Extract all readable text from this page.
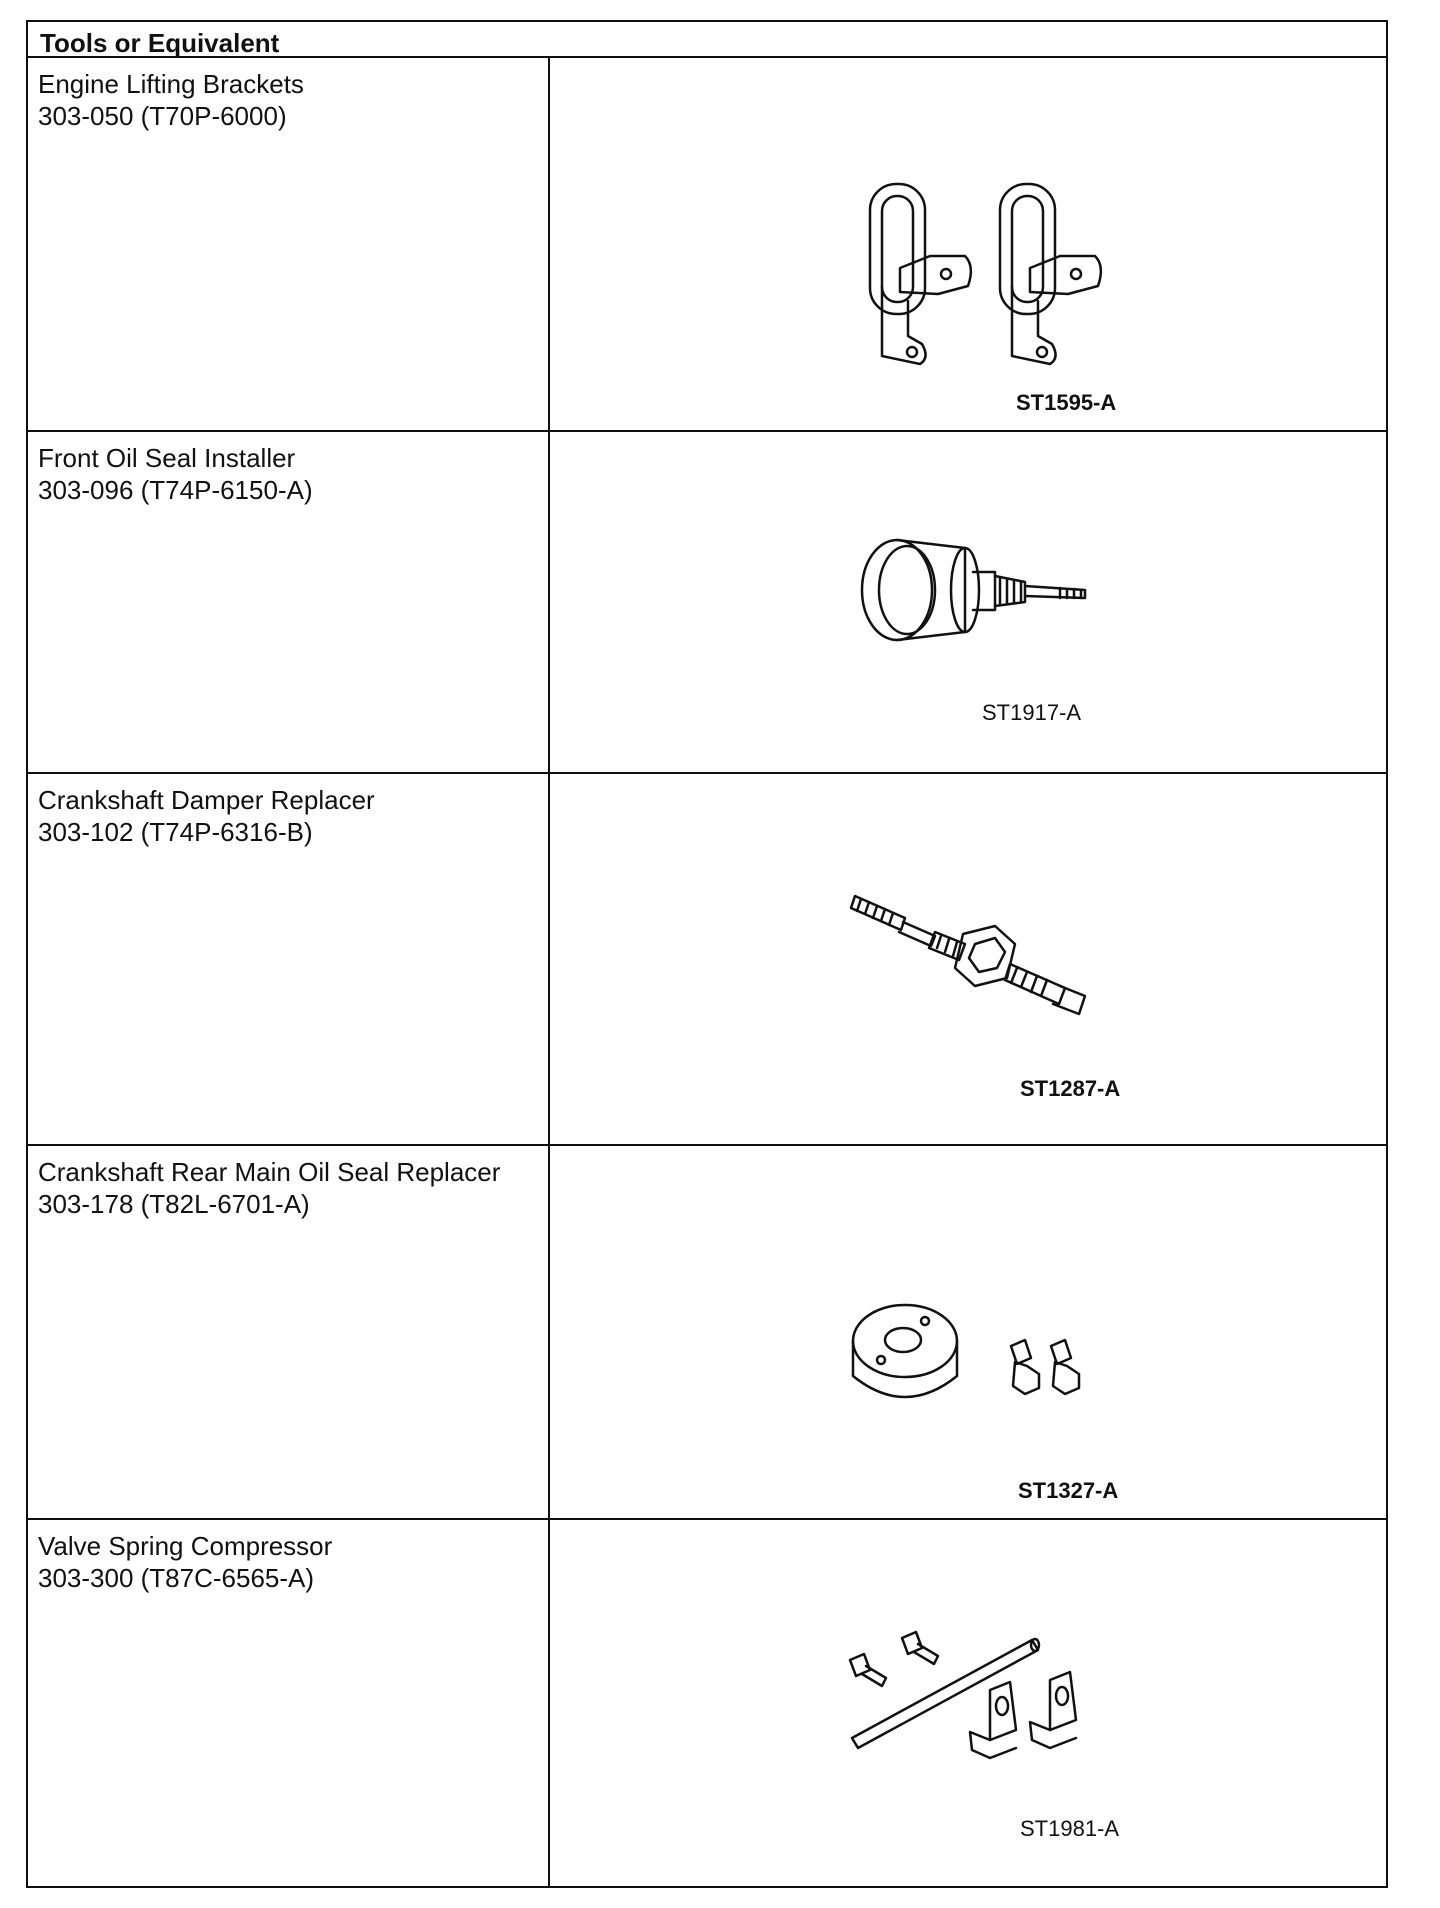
Tools or Equivalent
Engine Lifting Brackets
303-050 (T70P-6000)
ST1595-A
Front Oil Seal Installer
303-096 (T74P-6150-A)
ST1917-A
Crankshaft Damper Replacer
303-102 (T74P-6316-B)
ST1287-A
Crankshaft Rear Main Oil Seal Replacer
303-178 (T82L-6701-A)
ST1327-A
Valve Spring Compressor
303-300 (T87C-6565-A)
ST1981-A
